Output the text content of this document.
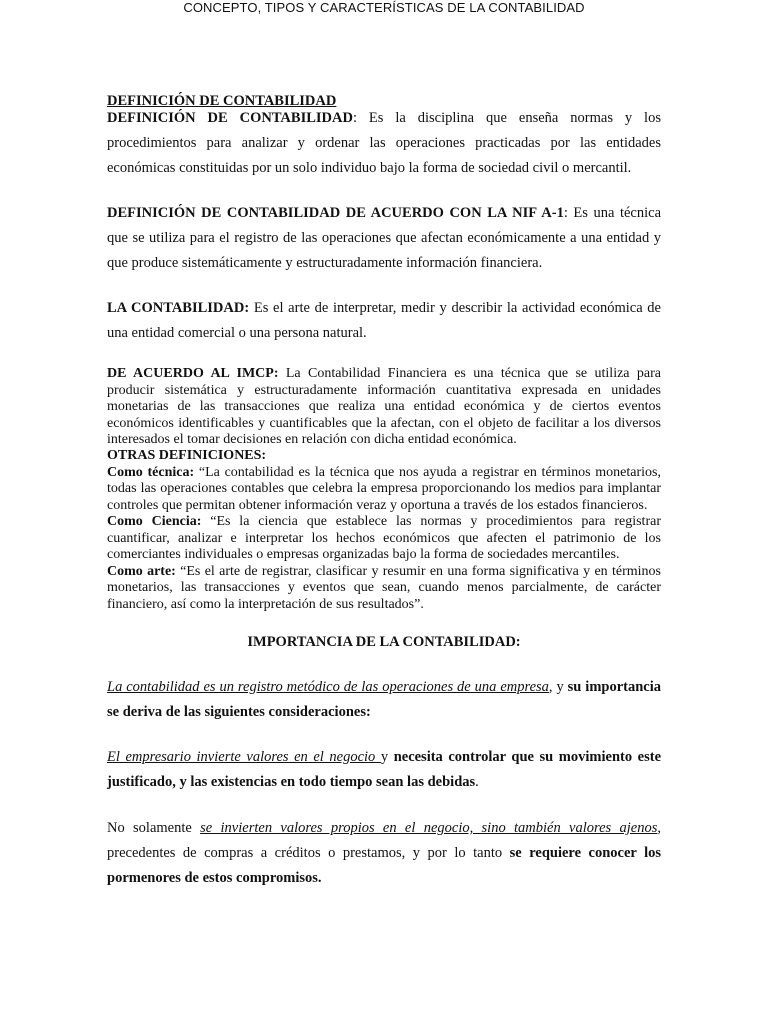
CONCEPTO, TIPOS Y CARACTERÍSTICAS DE LA CONTABILIDAD
DEFINICIÓN DE CONTABILIDAD
DEFINICIÓN DE CONTABILIDAD: Es la disciplina que enseña normas y los procedimientos para analizar y ordenar las operaciones practicadas por las entidades económicas constituidas por un solo individuo bajo la forma de sociedad civil o mercantil.
DEFINICIÓN DE CONTABILIDAD DE ACUERDO CON LA NIF A-1: Es una técnica que se utiliza para el registro de las operaciones que afectan económicamente a una entidad y que produce sistemáticamente y estructuradamente información financiera.
LA CONTABILIDAD: Es el arte de interpretar, medir y describir la actividad económica de una entidad comercial o una persona natural.
DE ACUERDO AL IMCP: La Contabilidad Financiera es una técnica que se utiliza para producir sistemática y estructuradamente información cuantitativa expresada en unidades monetarias de las transacciones que realiza una entidad económica y de ciertos eventos económicos identificables y cuantificables que la afectan, con el objeto de facilitar a los diversos interesados el tomar decisiones en relación con dicha entidad económica.
OTRAS DEFINICIONES:
Como técnica: “La contabilidad es la técnica que nos ayuda a registrar en términos monetarios, todas las operaciones contables que celebra la empresa proporcionando los medios para implantar controles que permitan obtener información veraz y oportuna a través de los estados financieros.
Como Ciencia: “Es la ciencia que establece las normas y procedimientos para registrar cuantificar, analizar e interpretar los hechos económicos que afecten el patrimonio de los comerciantes individuales o empresas organizadas bajo la forma de sociedades mercantiles.
Como arte: “Es el arte de registrar, clasificar y resumir en una forma significativa y en términos monetarios, las transacciones y eventos que sean, cuando menos parcialmente, de carácter financiero, así como la interpretación de sus resultados”.
IMPORTANCIA DE LA CONTABILIDAD:
La contabilidad es un registro metódico de las operaciones de una empresa, y su importancia se deriva de las siguientes consideraciones:
El empresario invierte valores en el negocio y necesita controlar que su movimiento este justificado, y las existencias en todo tiempo sean las debidas.
No solamente se invierten valores propios en el negocio, sino también valores ajenos, precedentes de compras a créditos o prestamos, y por lo tanto se requiere conocer los pormenores de estos compromisos.
